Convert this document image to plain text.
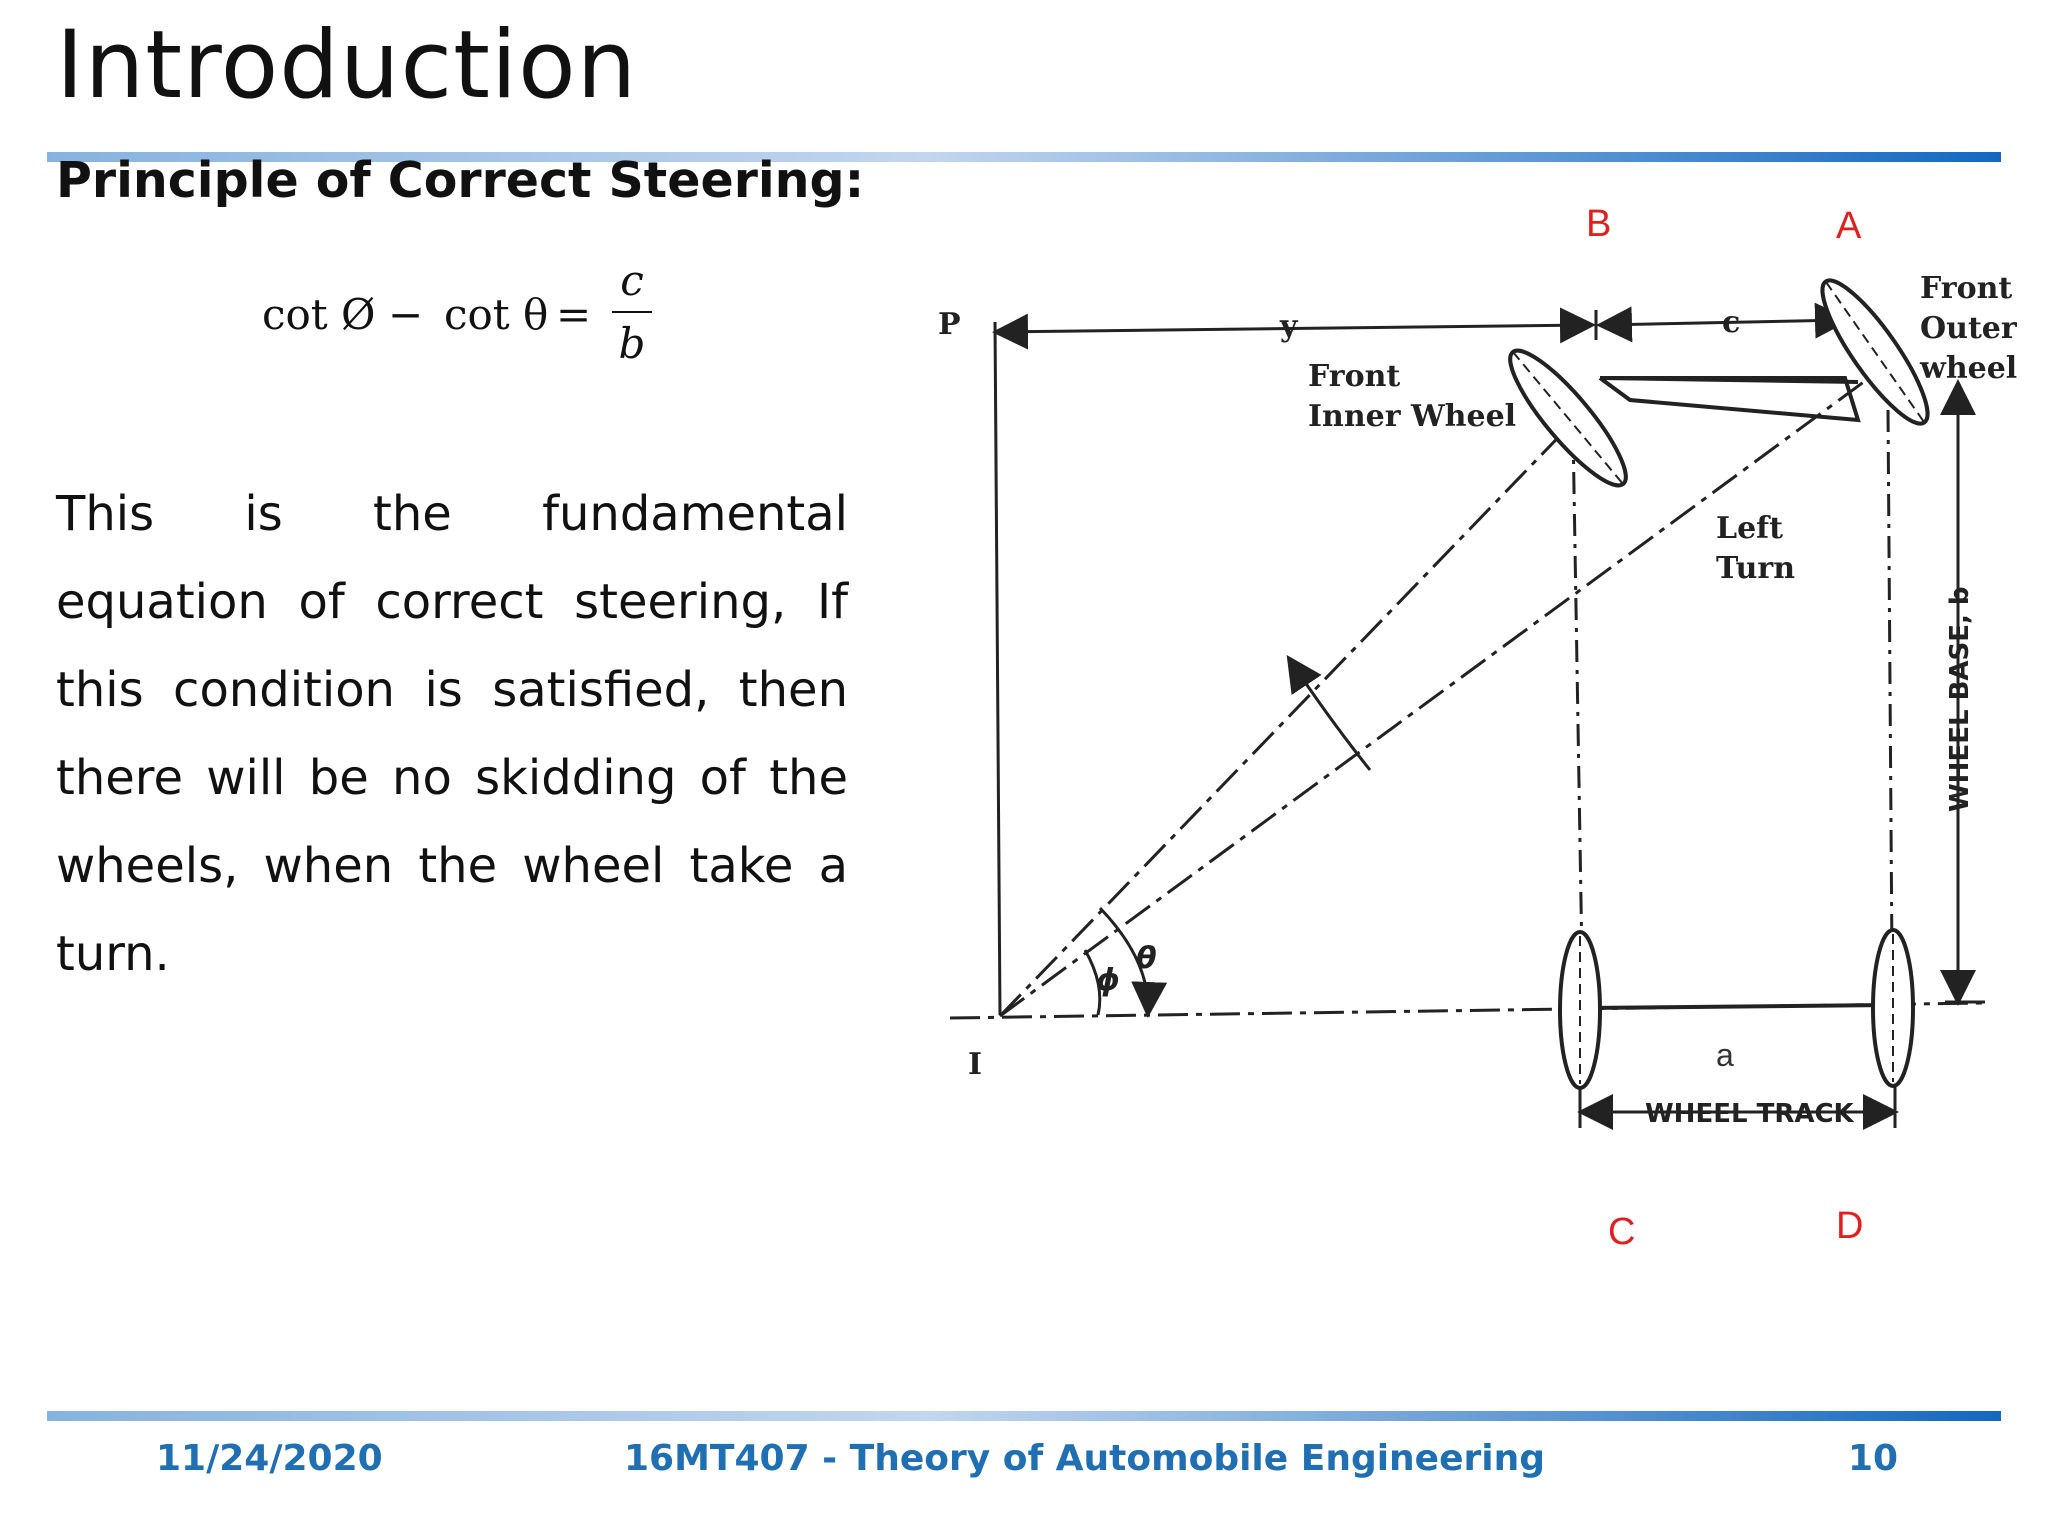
Introduction
Principle of Correct Steering:
cot Ø − cot θ =
c
b
This is the fundamental equation of correct steering, If this condition is satisfied, then there will be no skidding of the wheels, when the wheel take a turn.
B	A
C	D
P
I
y	c
Front
Outer
wheel
Front
Inner Wheel
Left
Turn
ϕ
θ
WHEEL TRACK
WHEEL BASE, b
a
11/24/2020	16MT407 - Theory of Automobile Engineering	10
